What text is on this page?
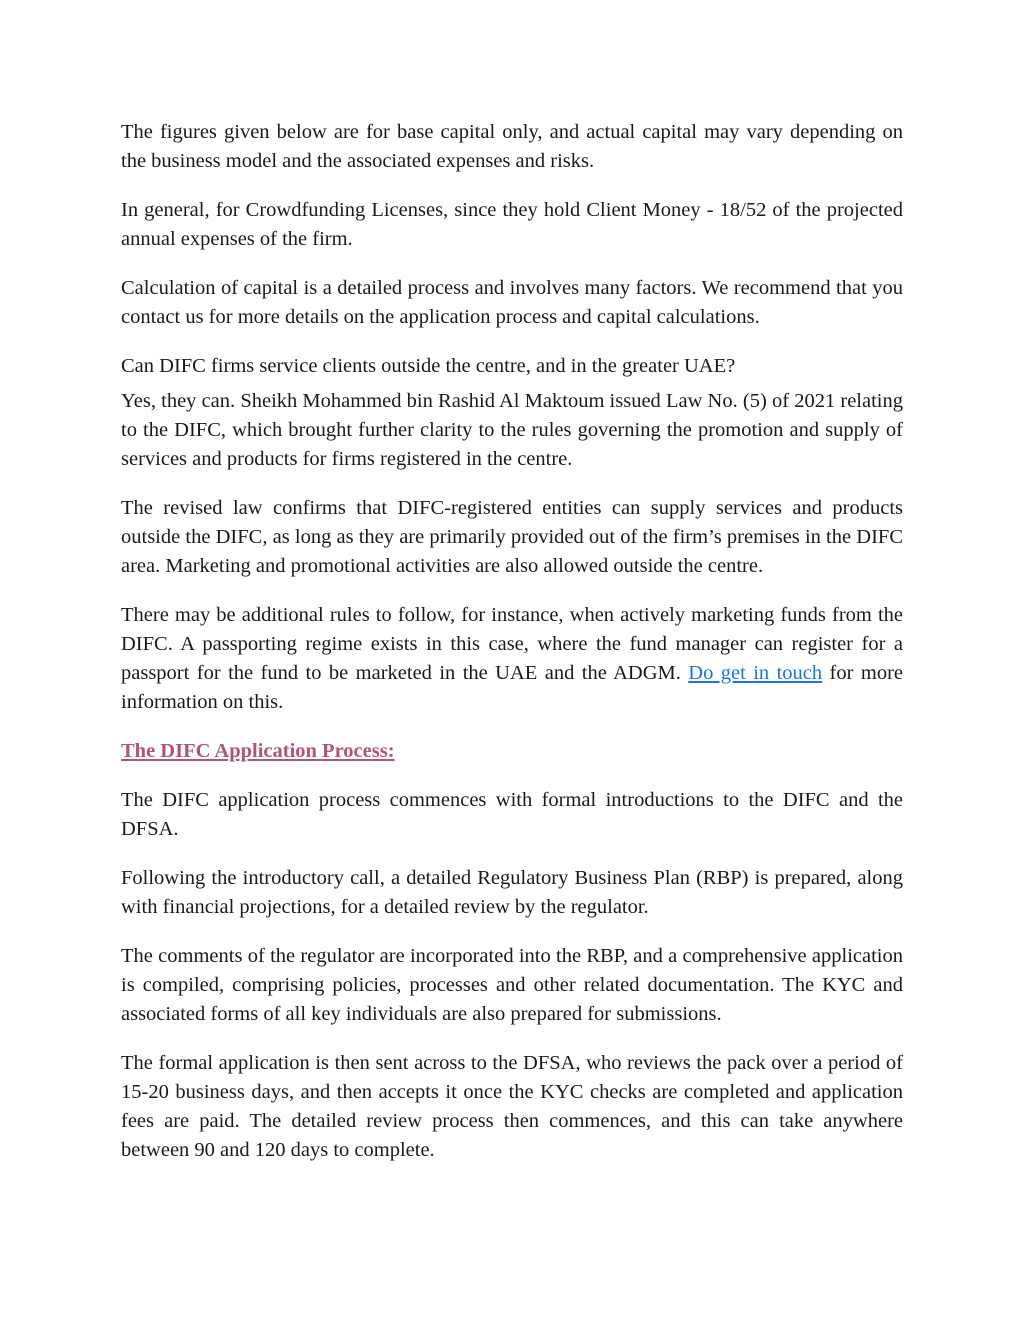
The figures given below are for base capital only, and actual capital may vary depending on the business model and the associated expenses and risks.

In general, for Crowdfunding Licenses, since they hold Client Money - 18/52 of the projected annual expenses of the firm.

Calculation of capital is a detailed process and involves many factors. We recommend that you contact us for more details on the application process and capital calculations.

Can DIFC firms service clients outside the centre, and in the greater UAE?

Yes, they can. Sheikh Mohammed bin Rashid Al Maktoum issued Law No. (5) of 2021 relating to the DIFC, which brought further clarity to the rules governing the promotion and supply of services and products for firms registered in the centre.

The revised law confirms that DIFC-registered entities can supply services and products outside the DIFC, as long as they are primarily provided out of the firm’s premises in the DIFC area. Marketing and promotional activities are also allowed outside the centre.

There may be additional rules to follow, for instance, when actively marketing funds from the DIFC. A passporting regime exists in this case, where the fund manager can register for a passport for the fund to be marketed in the UAE and the ADGM. Do get in touch for more information on this.

The DIFC Application Process:

The DIFC application process commences with formal introductions to the DIFC and the DFSA.

Following the introductory call, a detailed Regulatory Business Plan (RBP) is prepared, along with financial projections, for a detailed review by the regulator.

The comments of the regulator are incorporated into the RBP, and a comprehensive application is compiled, comprising policies, processes and other related documentation. The KYC and associated forms of all key individuals are also prepared for submissions.

The formal application is then sent across to the DFSA, who reviews the pack over a period of 15-20 business days, and then accepts it once the KYC checks are completed and application fees are paid. The detailed review process then commences, and this can take anywhere between 90 and 120 days to complete.
